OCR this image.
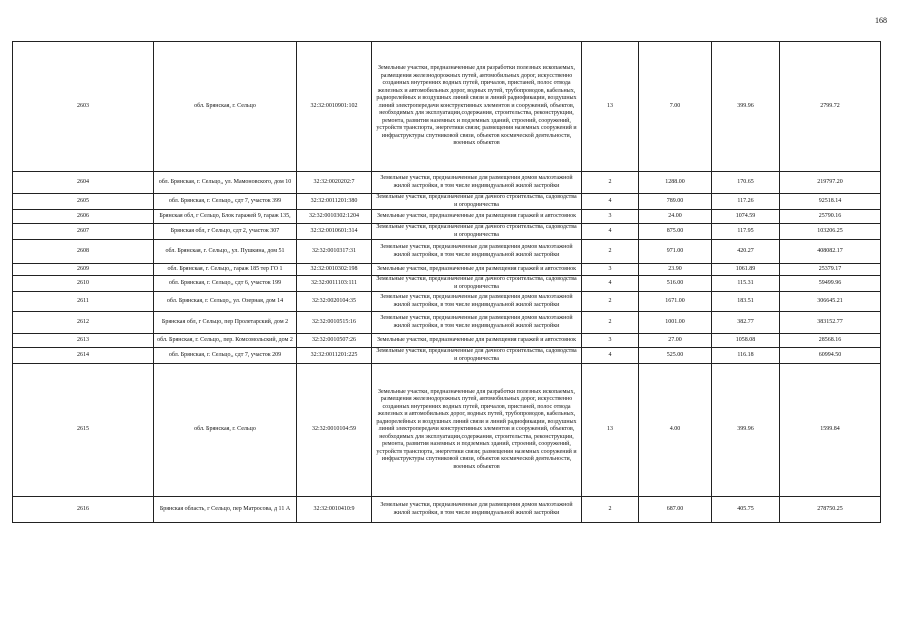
168
2603	обл. Брянская, г. Сельцо	32:32:0010901:102	Земельные участки, предназначенные для разработки полезных ископаемых, размещения железнодорожных путей, автомобильных дорог, искусственно созданных внутренних водных путей, причалов, пристаней, полос отвода железных и автомобильных дорог, водных путей, трубопроводов, кабельных, радиорелейных и воздушных линий связи и линий радиофикации, воздушных линий электропередачи конструктивных элементов и сооружений, объектов, необходимых для эксплуатации,содержания, строительства, реконструкции, ремонта, развития наземных и подземных зданий, строений, сооружений, устройств транспорта, энергетики связи; размещения наземных сооружений и инфраструктуры спутниковой связи, объектов космической деятельности, военных объектов	13	7.00	399.96	2799.72
2604	обл. Брянская, г. Сельцо,, ул. Мамоновского, дом 10	32:32:0020202:7	Земельные участки, предназначенные для размещения домов малоэтажной жилой застройки, в том числе индивидуальной жилой застройки	2	1288.00	170.65	219797.20
2605	обл. Брянская, г. Сельцо,, сдт 7, участок 399	32:32:0011201:380	Земельные участки, предназначенные для дачного строительства, садоводства и огородничества	4	789.00	117.26	92518.14
2606	Брянская обл, г Сельцо, Блок гаражей 9, гараж 135,	32:32:0010302:1204	Земельные участки, предназначенные для размещения гаражей и автостоянок	3	24.00	1074.59	25790.16
2607	Брянская обл, г Сельцо, сдт 2, участок 307	32:32:0010601:314	Земельные участки, предназначенные для дачного строительства, садоводства и огородничества	4	875.00	117.95	103206.25
2608	обл. Брянская, г. Сельцо,, ул. Пушкина, дом 51	32:32:0010317:31	Земельные участки, предназначенные для размещения домов малоэтажной жилой застройки, в том числе индивидуальной жилой застройки	2	971.00	420.27	408082.17
2609	обл. Брянская, г. Сельцо,, гараж 185 тер ГО 1	32:32:0010302:198	Земельные участки, предназначенные для размещения гаражей и автостоянок	3	23.90	1061.89	25379.17
2610	обл. Брянская, г. Сельцо,, сдт 6, участок 199	32:32:0011103:111	Земельные участки, предназначенные для дачного строительства, садоводства и огородничества	4	516.00	115.31	59499.96
2611	обл. Брянская, г. Сельцо,, ул. Озерная, дом 14	32:32:0020104:35	Земельные участки, предназначенные для размещения домов малоэтажной жилой застройки, в том числе индивидуальной жилой застройки	2	1671.00	183.51	306645.21
2612	Брянская обл, г Сельцо, пер Пролетарский, дом 2	32:32:0010515:16	Земельные участки, предназначенные для размещения домов малоэтажной жилой застройки, в том числе индивидуальной жилой застройки	2	1001.00	382.77	383152.77
2613	обл. Брянская, г. Сельцо,, пер. Комсомольский, дом 2	32:32:0010507:26	Земельные участки, предназначенные для размещения гаражей и автостоянок	3	27.00	1058.08	28568.16
2614	обл. Брянская, г. Сельцо,, сдт 7, участок 209	32:32:0011201:225	Земельные участки, предназначенные для дачного строительства, садоводства и огородничества	4	525.00	116.18	60994.50
2615	обл. Брянская, г. Сельцо	32:32:0010104:59	Земельные участки, предназначенные для разработки полезных ископаемых, размещения железнодорожных путей, автомобильных дорог, искусственно созданных внутренних водных путей, причалов, пристаней, полос отвода железных и автомобильных дорог, водных путей, трубопроводов, кабельных, радиорелейных и воздушных линий связи и линий радиофикации, воздушных линий электропередачи конструктивных элементов и сооружений, объектов, необходимых для эксплуатации,содержания, строительства, реконструкции, ремонта, развития наземных и подземных зданий, строений, сооружений, устройств транспорта, энергетики связи; размещения наземных сооружений и инфраструктуры спутниковой связи, объектов космической деятельности, военных объектов	13	4.00	399.96	1599.84
2616	Брянская область, г Сельцо, пер Матросова, д 11 А	32:32:0010410:9	Земельные участки, предназначенные для размещения домов малоэтажной жилой застройки, в том числе индивидуальной жилой застройки	2	687.00	405.75	278750.25
